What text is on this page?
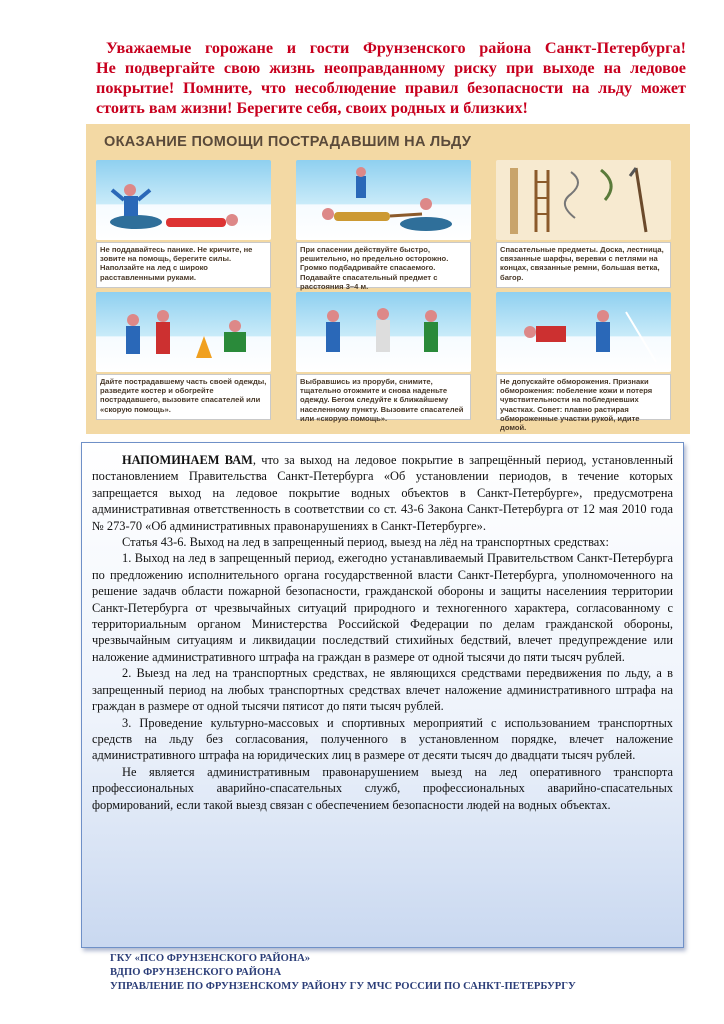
Уважаемые горожане и гости Фрунзенского района Санкт-Петербурга!
Не подвергайте свою жизнь неоправданному риску при выходе на ледовое
покрытие! Помните, что несоблюдение правил безопасности на льду может
стоить вам жизни! Берегите себя, своих родных и близких!
ОКАЗАНИЕ ПОМОЩИ ПОСТРАДАВШИМ НА ЛЬДУ
Не поддавайтесь панике. Не кричите, не зовите на помощь, берегите силы. Наползайте на лед с широко расставленными руками.
При спасении действуйте быстро, решительно, но предельно осторожно. Громко подбадривайте спасаемого. Подавайте спасательный предмет с расстояния 3–4 м.
Спасательные предметы. Доска, лестница, связанные шарфы, веревки с петлями на концах, связанные ремни, большая ветка, багор.
Дайте пострадавшему часть своей одежды, разведите костер и обогрейте пострадавшего, вызовите спасателей или «скорую помощь».
Выбравшись из проруби, снимите, тщательно отожмите и снова наденьте одежду. Бегом следуйте к ближайшему населенному пункту. Вызовите спасателей или «скорую помощь».
Не допускайте обморожения. Признаки обморожения: побеление кожи и потеря чувствительности на побледневших участках. Совет: плавно растирая обмороженные участки рукой, идите домой.

НАПОМИНАЕМ ВАМ, что за выход на ледовое покрытие в запрещённый период, установленный постановлением Правительства Санкт-Петербурга «Об установлении периодов, в течение которых запрещается выход на ледовое покрытие водных объектов в Санкт-Петербурге», предусмотрена административная ответственность в соответствии со ст. 43-6 Закона Санкт-Петербурга от 12 мая 2010 года № 273-70 «Об административных правонарушениях в Санкт-Петербурге».

Статья 43-6. Выход на лед в запрещенный период, выезд на лёд на транспортных средствах:

1. Выход на лед в запрещенный период, ежегодно устанавливаемый Правительством Санкт-Петербурга по предложению исполнительного органа государственной власти Санкт-Петербурга, уполномоченного на решение задачв области пожарной безопасности, гражданской обороны и защиты населениия территории Санкт-Петербурга от чрезвычайных ситуаций природного и техногенного характера, согласованному с территориальным органом Министерства Российской Федерации по делам гражданской обороны, чрезвычайным ситуациям и ликвидации последствий стихийных бедствий, влечет предупреждение или наложение административного штрафа на граждан в размере от одной тысячи до пяти тысяч рублей.

2. Выезд на лед на транспортных средствах, не являющихся средствами передвижения по льду, а в запрещенный период на любых транспортных средствах влечет наложение административного штрафа на граждан в размере от одной тысячи пятисот до пяти тысяч рублей.

3. Проведение культурно-массовых и спортивных мероприятий с использованием транспортных средств на льду без согласования, полученного в установленном порядке, влечет наложение административного штрафа на юридических лиц в размере от десяти тысяч до двадцати тысяч рублей.

Не является административным правонарушением выезд на лед оперативного транспорта профессиональных аварийно-спасательных служб, профессиональных аварийно-спасательных формирований, если такой выезд связан с обеспечением безопасности людей на водных объектах.

ГКУ «ПСО ФРУНЗЕНСКОГО РАЙОНА»
ВДПО ФРУНЗЕНСКОГО РАЙОНА
УПРАВЛЕНИЕ ПО ФРУНЗЕНСКОМУ РАЙОНУ ГУ МЧС РОССИИ ПО САНКТ-ПЕТЕРБУРГУ
